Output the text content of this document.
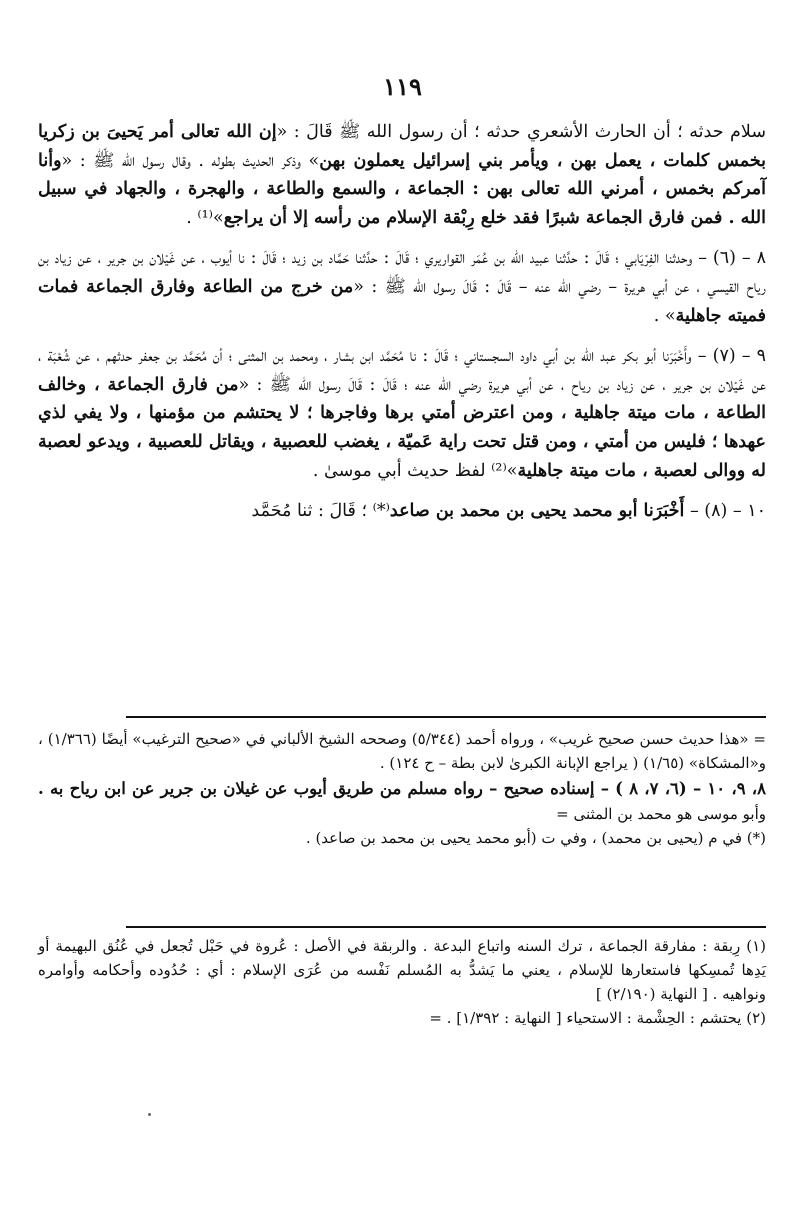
١١٩

سلام حدثه ؛ أن الحارث الأشعري حدثه ؛ أن رسول الله ﷺ قَالَ : «إن الله تعالى أمر يَحيىَ بن زكريا بخمس كلمات ، يعمل بهن ، ويأمر بني إسرائيل يعملون بهن» وذكر الحديث بطوله . وقال رسول الله ﷺ : «وأنا آمركم بخمس ، أمرني الله تعالى بهن : الجماعة ، والسمع والطاعة ، والهجرة ، والجهاد في سبيل الله . فمن فارق الجماعة شبرًا فقد خلع رِبْقة الإسلام من رأسه إلا أن يراجع»⁽¹⁾ .

٨ – (٦) – وحدثنا الفِرْيَابي ؛ قَالَ : حدَّثنا عبيد الله بن عُمَر القواريري ؛ قَالَ : حدَّثنا حَمَّاد بن زيد ؛ قَالَ : نا أيوب ، عن غَيْلان بن جرير ، عن زياد بن رياح القيسي ، عن أبي هريرة – رضي الله عنه – قَالَ : قَالَ رسول الله ﷺ : «من خرج من الطاعة وفارق الجماعة فمات فميته جاهلية» .

٩ – (٧) – وأَخْبَرَنا أبو بكر عبد الله بن أبي داود السجستاني ؛ قَالَ : نا مُحَمَّد ابن بشار ، ومحمد بن المثنى ؛ أن مُحَمَّد بن جعفر حدثهم ، عن شُعْبَة ، عن غَيْلان بن جرير ، عن زياد بن رياح ، عن أبي هريرة رضي الله عنه ؛ قَالَ : قَالَ رسول الله ﷺ : «من فارق الجماعة ، وخالف الطاعة ، مات ميتة جاهلية ، ومن اعترض أمتي برها وفاجرها ؛ لا يحتشم من مؤمنها ، ولا يفي لذي عهدها ؛ فليس من أمتي ، ومن قتل تحت راية عَميّة ، يغضب للعصبية ، ويقاتل للعصبية ، ويدعو لعصبة له ووالى لعصبة ، مات ميتة جاهلية»⁽²⁾ لفظ حديث أبي موسىٰ .

١٠ – (٨) – أَخْبَرَنا أبو محمد يحيى بن محمد بن صاعد⁽*⁾ ؛ قَالَ : ثنا مُحَمَّد

= «هذا حديث حسن صحيح غريب» ، ورواه أحمد (٥/٣٤٤) وصححه الشيخ الألباني في «صحيح الترغيب» أيضًا (١/٣٦٦) ، و«المشكاة» (١/٦٥) ( يراجع الإبانة الكبرىٰ لابن بطة – ح ١٢٤) .

٨، ٩، ١٠ – (٦، ٧، ٨ ) – إسناده صحيح – رواه مسلم من طريق أيوب عن غيلان بن جرير عن ابن رياح به . وأبو موسى هو محمد بن المثنى =

(*) في م (يحيى بن محمد) ، وفي ت (أبو محمد يحيى بن محمد بن صاعد) .

(١) رِبقة : مفارقة الجماعة ، ترك السنه واتباع البدعة . والربقة في الأصل : عُروة في حَبْل تُجعل في عُنُق البهيمة أو يَدِها تُمسِكها فاستعارها للإسلام ، يعني ما يَشدُّ به المُسلم نَفْسه من عُرَى الإسلام : أي : حُدُوده وأحكامه وأوامره ونواهيه . [ النهاية (٢/١٩٠) ]

(٢) يحتشم : الحِشْمة : الاستحياء [ النهاية : ١/٣٩٢] . =
